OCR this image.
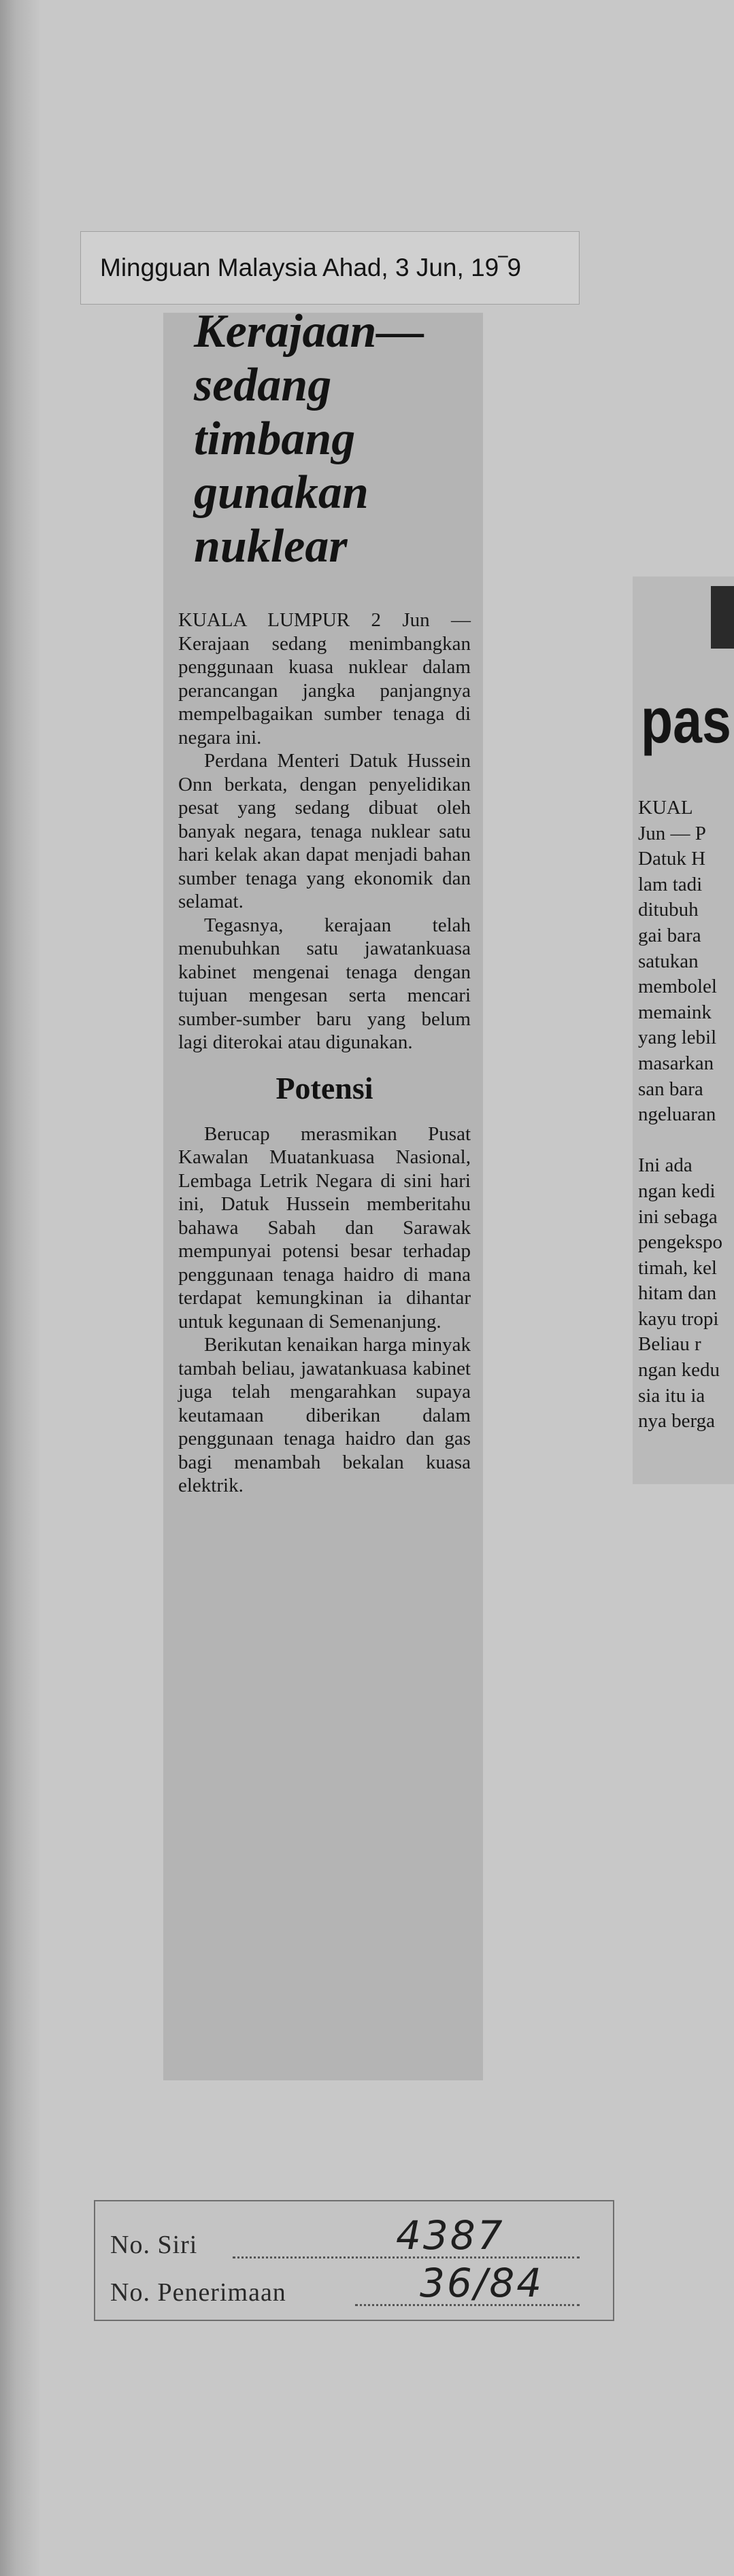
Mingguan Malaysia Ahad, 3 Jun, 19‾9
Kerajaan—
sedang
timbang
gunakan
nuklear

KUALA LUMPUR 2 Jun — Kerajaan sedang menimbangkan penggunaan kuasa nuklear dalam perancangan jangka panjangnya mempelbagaikan sumber tenaga di negara ini.

Perdana Menteri Datuk Hussein Onn berkata, dengan penyelidikan pesat yang sedang dibuat oleh banyak negara, tenaga nuklear satu hari kelak akan dapat menjadi bahan sumber tenaga yang ekonomik dan selamat.

Tegasnya, kerajaan telah menubuhkan satu jawatankuasa kabinet mengenai tenaga dengan tujuan mengesan serta mencari sumber-sumber baru yang belum lagi diterokai atau digunakan.

Potensi

Berucap merasmikan Pusat Kawalan Muatankuasa Nasional, Lembaga Letrik Negara di sini hari ini, Datuk Hussein memberitahu bahawa Sabah dan Sarawak mempunyai potensi besar terhadap penggunaan tenaga haidro di mana terdapat kemungkinan ia dihantar untuk kegunaan di Semenanjung.

Berikutan kenaikan harga minyak tambah beliau, jawatankuasa kabinet juga telah mengarahkan supaya keutamaan diberikan dalam penggunaan tenaga haidro dan gas bagi menambah bekalan kuasa elektrik.

pas
KUAL
Jun — P
Datuk H
lam tadi
ditubuh
gai bara
satukan
membolel
memaink
yang lebil
masarkan
san bara
ngeluaran
Ini ada
ngan kedi
ini sebaga
pengekspo
timah, kel
hitam dan
kayu tropi
Beliau r
ngan kedu
sia itu ia
nya berga
No. Siri	4387
No. Penerimaan	36/84
